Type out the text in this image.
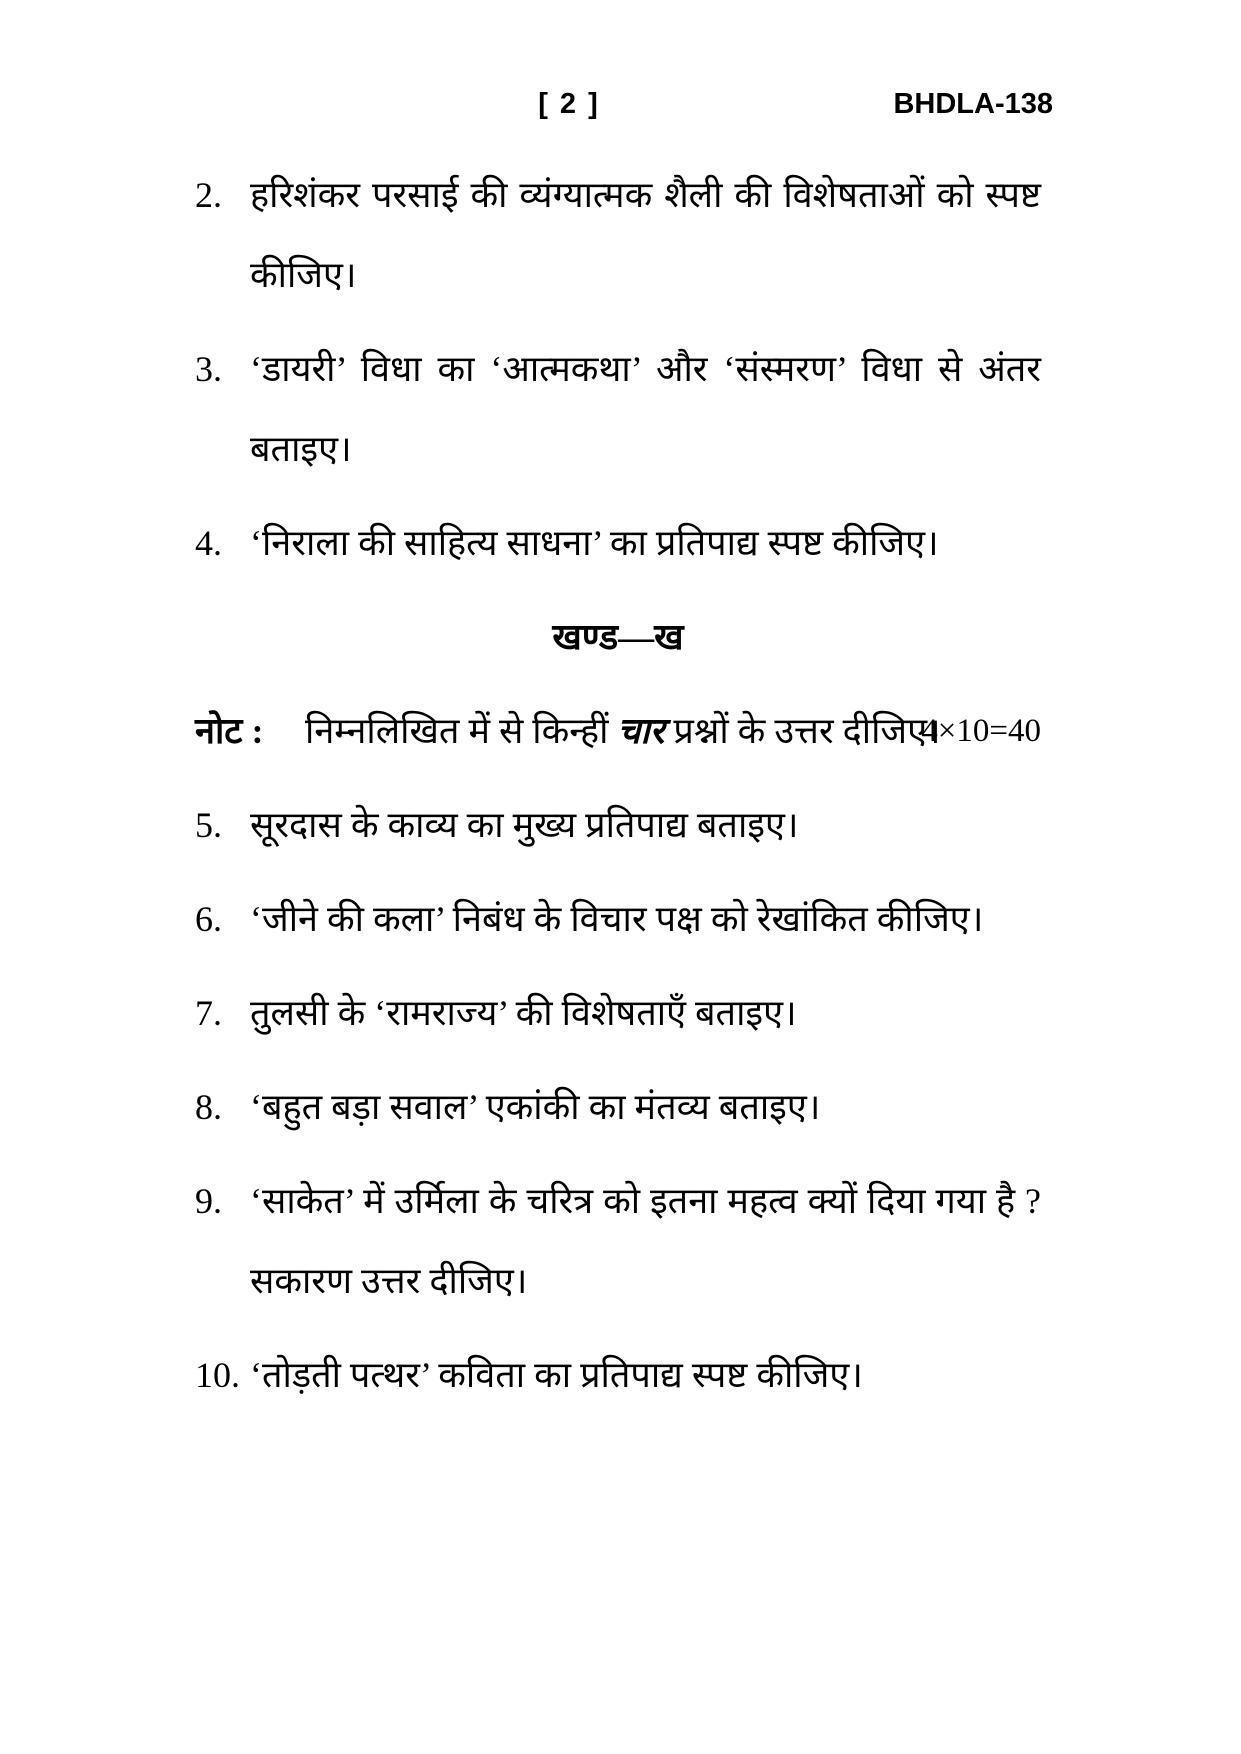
[ 2 ]	BHDLA-138
2. हरिशंकर परसाई की व्यंग्यात्मक शैली की विशेषताओं को स्पष्ट कीजिए।
3. ‘डायरी’ विधा का ‘आत्मकथा’ और ‘संस्मरण’ विधा से अंतर बताइए।
4. ‘निराला की साहित्य साधना’ का प्रतिपाद्य स्पष्ट कीजिए।
खण्ड—ख
नोट :	निम्नलिखित में से किन्हीं चार प्रश्नों के उत्तर दीजिए।
4×10=40
5. सूरदास के काव्य का मुख्य प्रतिपाद्य बताइए।
6. ‘जीने की कला’ निबंध के विचार पक्ष को रेखांकित कीजिए।
7. तुलसी के ‘रामराज्य’ की विशेषताएँ बताइए।
8. ‘बहुत बड़ा सवाल’ एकांकी का मंतव्य बताइए।
9. ‘साकेत’ में उर्मिला के चरित्र को इतना महत्व क्यों दिया गया है ? सकारण उत्तर दीजिए।
10. ‘तोड़ती पत्थर’ कविता का प्रतिपाद्य स्पष्ट कीजिए।
